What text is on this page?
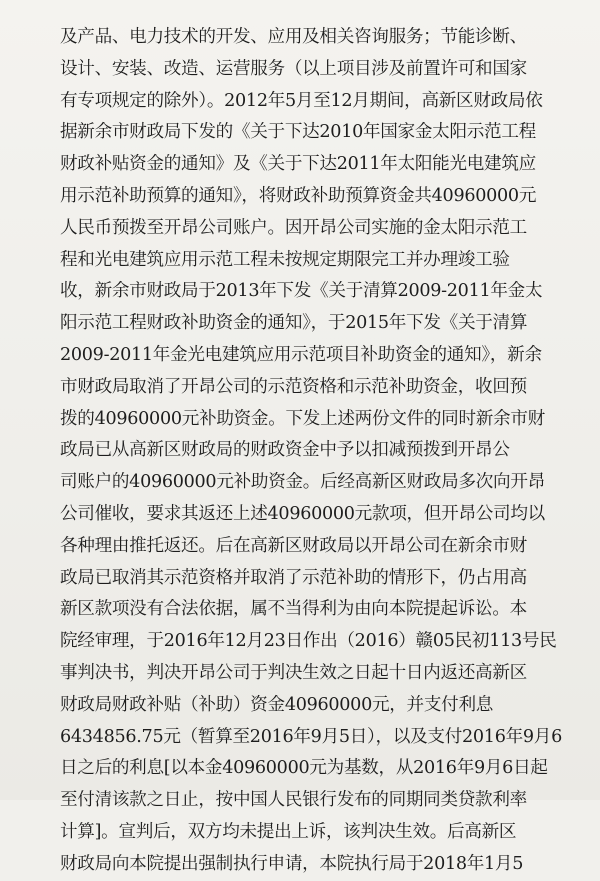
及产品、电力技术的开发、应用及相关咨询服务；节能诊断、
设计、安装、改造、运营服务（以上项目涉及前置许可和国家
有专项规定的除外）。2012年5月至12月期间，高新区财政局依
据新余市财政局下发的《关于下达2010年国家金太阳示范工程
财政补贴资金的通知》及《关于下达2011年太阳能光电建筑应
用示范补助预算的通知》，将财政补助预算资金共40960000元
人民币预拨至开昂公司账户。因开昂公司实施的金太阳示范工
程和光电建筑应用示范工程未按规定期限完工并办理竣工验
收，新余市财政局于2013年下发《关于清算2009-2011年金太
阳示范工程财政补助资金的通知》，于2015年下发《关于清算
2009-2011年金光电建筑应用示范项目补助资金的通知》，新余
市财政局取消了开昂公司的示范资格和示范补助资金，收回预
拨的40960000元补助资金。下发上述两份文件的同时新余市财
政局已从高新区财政局的财政资金中予以扣减预拨到开昂公
司账户的40960000元补助资金。后经高新区财政局多次向开昂
公司催收，要求其返还上述40960000元款项，但开昂公司均以
各种理由推托返还。后在高新区财政局以开昂公司在新余市财
政局已取消其示范资格并取消了示范补助的情形下，仍占用高
新区款项没有合法依据，属不当得利为由向本院提起诉讼。本
院经审理，于2016年12月23日作出（2016）赣05民初113号民
事判决书，判决开昂公司于判决生效之日起十日内返还高新区
财政局财政补贴（补助）资金40960000元，并支付利息
6434856.75元（暂算至2016年9月5日），以及支付2016年9月6
日之后的利息[以本金40960000元为基数，从2016年9月6日起
至付清该款之日止，按中国人民银行发布的同期同类贷款利率
计算]。宣判后，双方均未提出上诉，该判决生效。后高新区
财政局向本院提出强制执行申请，本院执行局于2018年1月5
